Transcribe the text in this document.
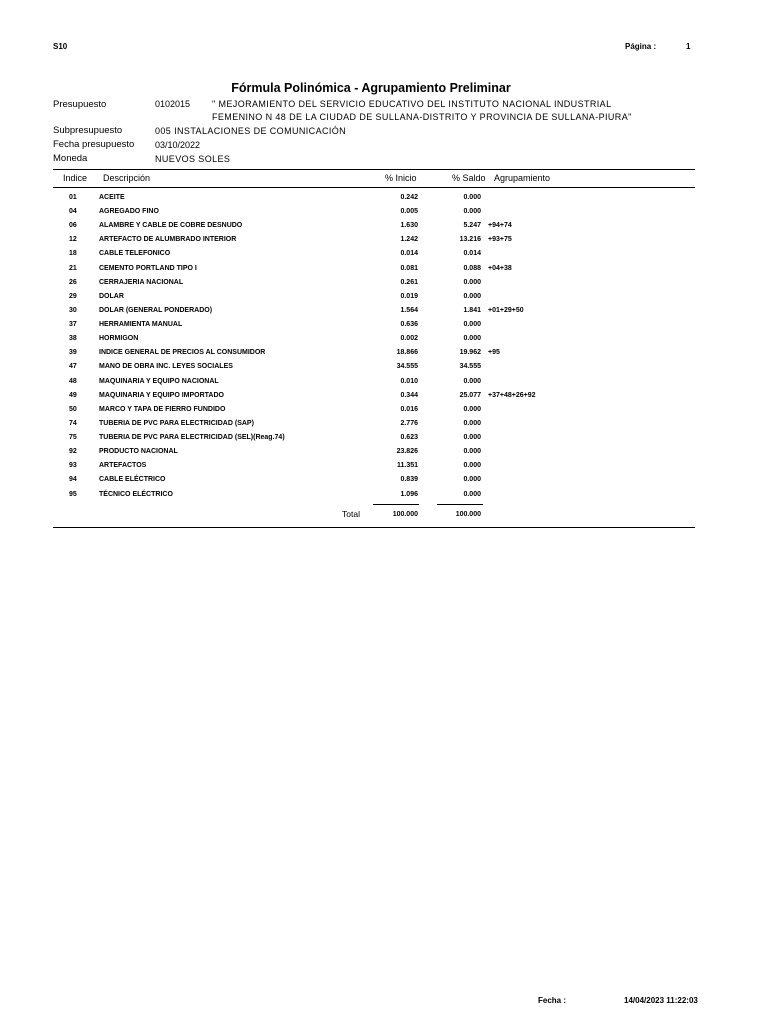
S10	Página :	1
Fórmula Polinómica - Agrupamiento Preliminar
Presupuesto	0102015 " MEJORAMIENTO DEL SERVICIO EDUCATIVO DEL INSTITUTO NACIONAL INDUSTRIAL
FEMENINO N 48 DE LA CIUDAD DE SULLANA-DISTRITO Y PROVINCIA DE SULLANA-PIURA"
Subpresupuesto	005 INSTALACIONES DE COMUNICACIÓN
Fecha presupuesto 03/10/2022
Moneda	NUEVOS SOLES
Indice Descripción	% Inicio	% Saldo Agrupamiento
01	ACEITE	0.242	0.000
04	AGREGADO FINO	0.005	0.000
06	ALAMBRE Y CABLE DE COBRE DESNUDO	1.630	5.247 +94+74
12	ARTEFACTO DE ALUMBRADO INTERIOR	1.242	13.216 +93+75
18	CABLE TELEFONICO	0.014	0.014
21	CEMENTO PORTLAND TIPO I	0.081	0.088 +04+38
26	CERRAJERIA NACIONAL	0.261	0.000
29	DOLAR	0.019	0.000
30	DOLAR (GENERAL PONDERADO)	1.564	1.841 +01+29+50
37	HERRAMIENTA MANUAL	0.636	0.000
38	HORMIGON	0.002	0.000
39	INDICE GENERAL DE PRECIOS AL CONSUMIDOR	18.866	19.962 +95
47	MANO DE OBRA INC. LEYES SOCIALES	34.555	34.555
48	MAQUINARIA Y EQUIPO NACIONAL	0.010	0.000
49	MAQUINARIA Y EQUIPO IMPORTADO	0.344	25.077 +37+48+26+92
50	MARCO Y TAPA DE FIERRO FUNDIDO	0.016	0.000
74	TUBERIA DE PVC PARA ELECTRICIDAD (SAP)	2.776	0.000
75	TUBERIA DE PVC PARA ELECTRICIDAD (SEL)(Reag.74)	0.623	0.000
92	PRODUCTO NACIONAL	23.826	0.000
93	ARTEFACTOS	11.351	0.000
94	CABLE ELÉCTRICO	0.839	0.000
95	TÉCNICO ELÉCTRICO	1.096	0.000
Total	100.000	100.000
Fecha :	14/04/2023 11:22:03
